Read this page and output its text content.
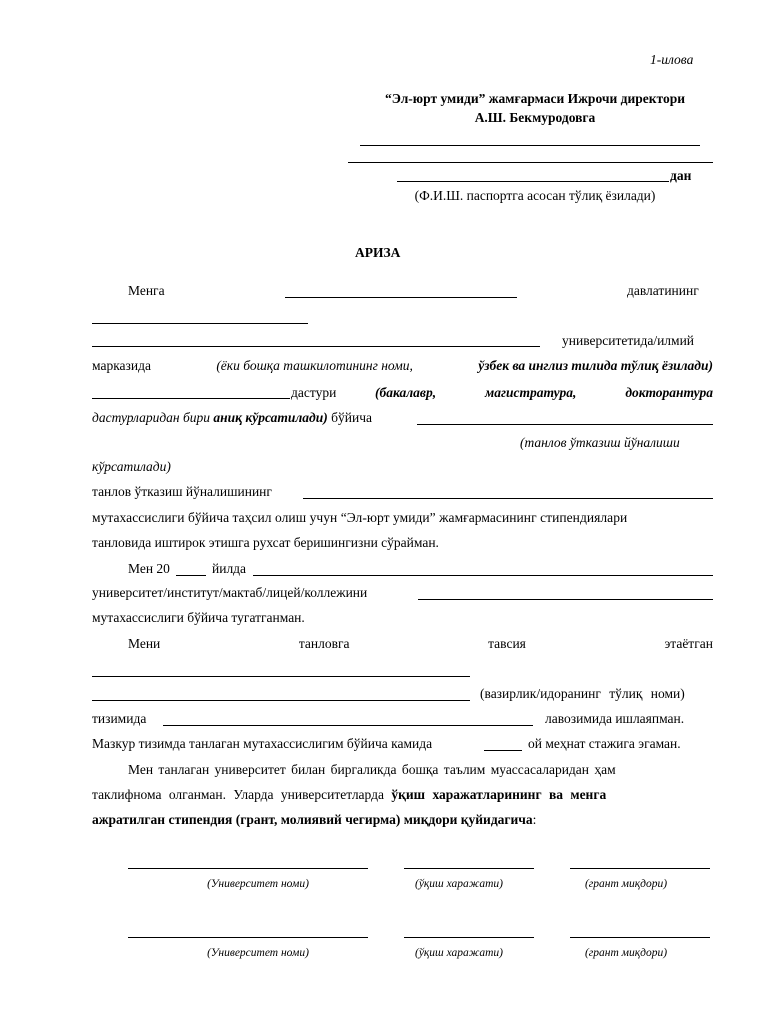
1-илова
“Эл-юрт умиди” жамғармаси Ижрочи директори
А.Ш. Бекмуродовга
дан
(Ф.И.Ш. паспортга асосан тўлиқ ёзилади)
АРИЗА
Менга	давлатининг
университетида/илмий
марказида	(ёки бошқа ташкилотининг номи,	ўзбек ва инглиз тилида тўлиқ ёзилади)
дастури	(бакалавр,	магистратура,	докторантура
дастурларидан бири аниқ кўрсатилади) бўйича
(танлов ўтказиш йўналиши
кўрсатилади)
танлов ўтказиш йўналишининг
мутахассислиги бўйича таҳсил олиш учун “Эл-юрт умиди” жамғармасининг стипендиялари
танловида иштирок этишга рухсат беришингизни сўрайман.
Мен 20	йилда
университет/институт/мактаб/лицей/коллежини
мутахассислиги бўйича тугатганман.
Мени	танловга	тавсия	этаётган
(вазирлик/идоранинг тўлиқ номи)
тизимида	лавозимида ишлаяпман.
Мазкур тизимда танлаган мутахассислигим бўйича камида	ой меҳнат стажига эгаман.
Мен танлаган университет билан биргаликда бошқа таълим муассасаларидан ҳам
таклифнома олганман. Уларда университетларда ўқиш харажатларининг ва менга
ажратилган стипендия (грант, молиявий чегирма) миқдори қуйидагича:
(Университет номи)	(ўқиш харажати)	(грант миқдори)
(Университет номи)	(ўқиш харажати)	(грант миқдори)
